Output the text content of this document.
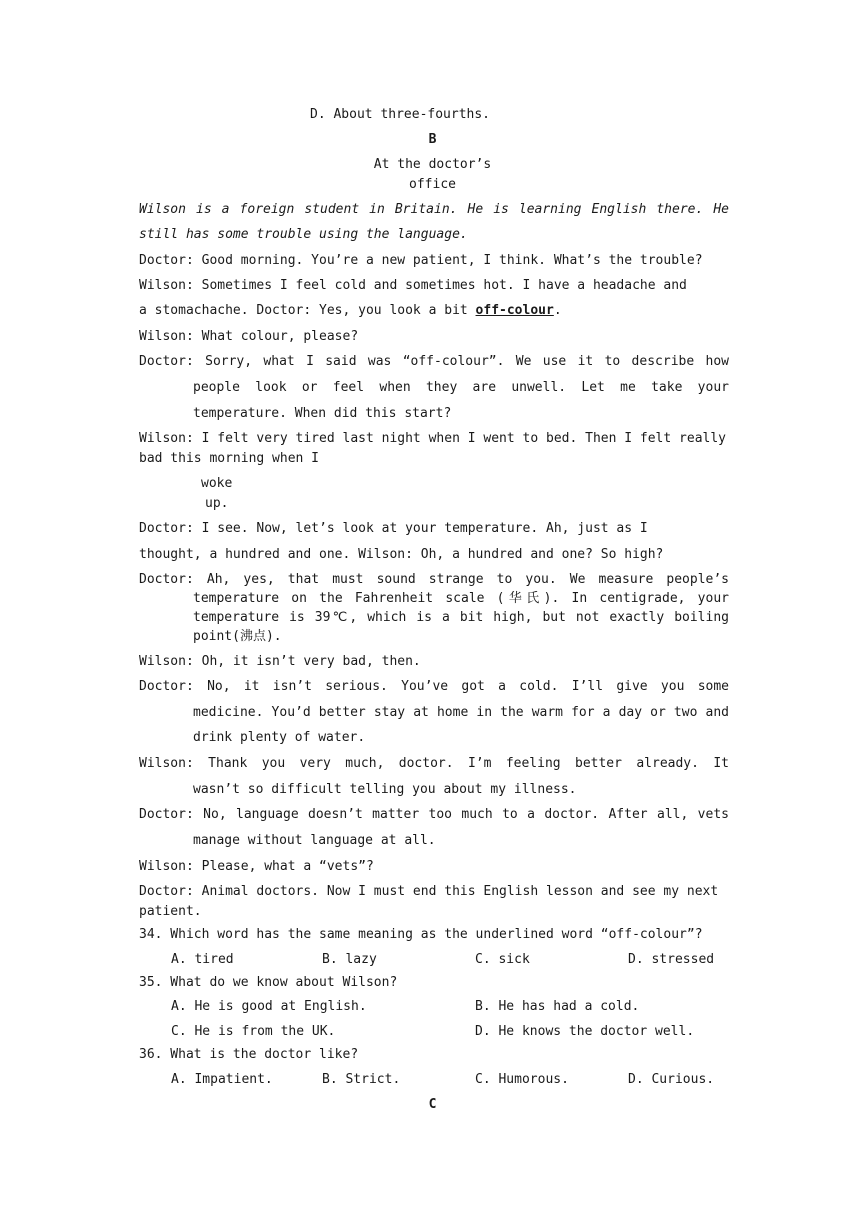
D. About three-fourths.
B
At the doctor’s
office
Wilson is a foreign student in Britain. He is learning English there. He
still has some trouble using the language.
Doctor: Good morning. You’re a new patient, I think. What’s the trouble?
Wilson: Sometimes I feel cold and sometimes hot. I have a headache and
a stomachache. Doctor: Yes, you look a bit off-colour.
Wilson: What colour, please?
Doctor: Sorry, what I said was “off-colour”. We use it to describe how
people look or feel when they are unwell. Let me take your
temperature. When did this start?
Wilson: I felt very tired last night when I went to bed. Then I felt really
bad this morning when I
woke
up.
Doctor: I see. Now, let’s look at your temperature. Ah, just as I
thought, a hundred and one. Wilson: Oh, a hundred and one? So high?
Doctor: Ah, yes, that must sound strange to you. We measure people’s
temperature on the Fahrenheit scale (华氏). In centigrade, your
temperature is 39℃, which is a bit high, but not exactly boiling
point(沸点).
Wilson: Oh, it isn’t very bad, then.
Doctor: No, it isn’t serious. You’ve got a cold. I’ll give you some
medicine. You’d better stay at home in the warm for a day or two and
drink plenty of water.
Wilson: Thank you very much, doctor. I’m feeling better already. It
wasn’t so difficult telling you about my illness.
Doctor: No, language doesn’t matter too much to a doctor. After all, vets
manage without language at all.
Wilson: Please, what a “vets”?
Doctor: Animal doctors. Now I must end this English lesson and see my next
patient.
34. Which word has the same meaning as the underlined word “off-colour”?
A. tired	B. lazy	C. sick	D. stressed
35. What do we know about Wilson?
A. He is good at English.	B. He has had a cold.
C. He is from the UK.	D. He knows the doctor well.
36. What is the doctor like?
A. Impatient.	B. Strict.	C. Humorous.	D. Curious.
C
